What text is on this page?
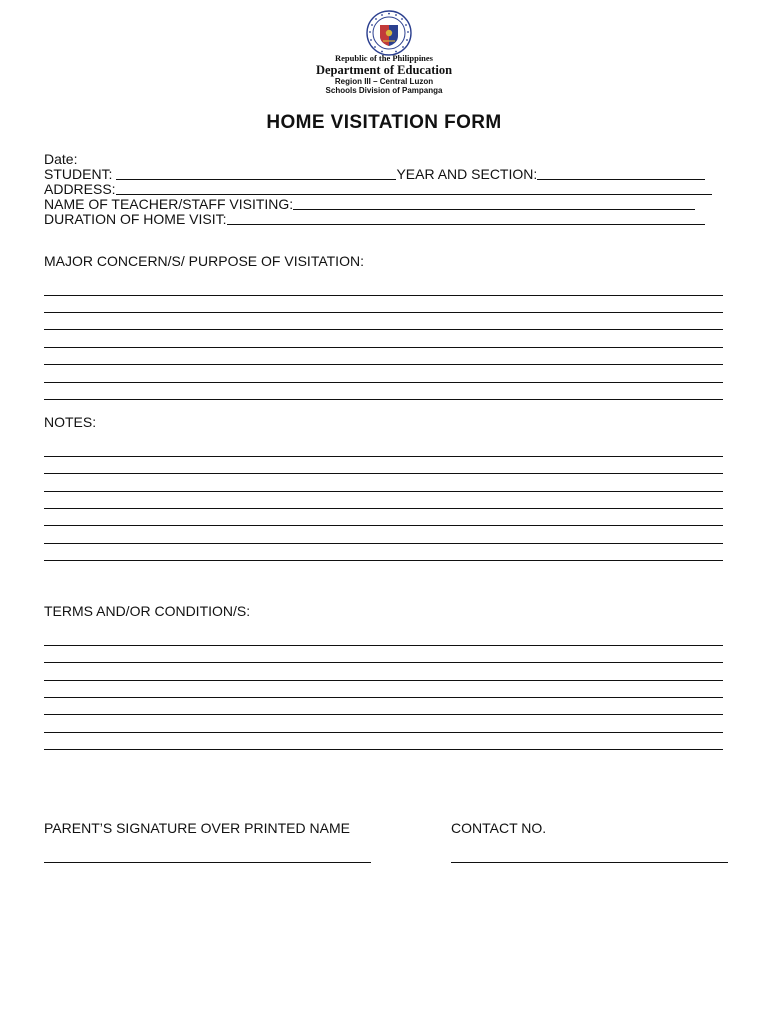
Republic of the Philippines
Department of Education
Region III – Central Luzon
Schools Division of Pampanga
HOME VISITATION FORM
Date:
STUDENT:	YEAR AND SECTION:
ADDRESS:
NAME OF TEACHER/STAFF VISITING:
DURATION OF HOME VISIT:
MAJOR CONCERN/S/ PURPOSE OF VISITATION:
NOTES:
TERMS AND/OR CONDITION/S:
PARENT’S SIGNATURE OVER PRINTED NAME	CONTACT NO.
